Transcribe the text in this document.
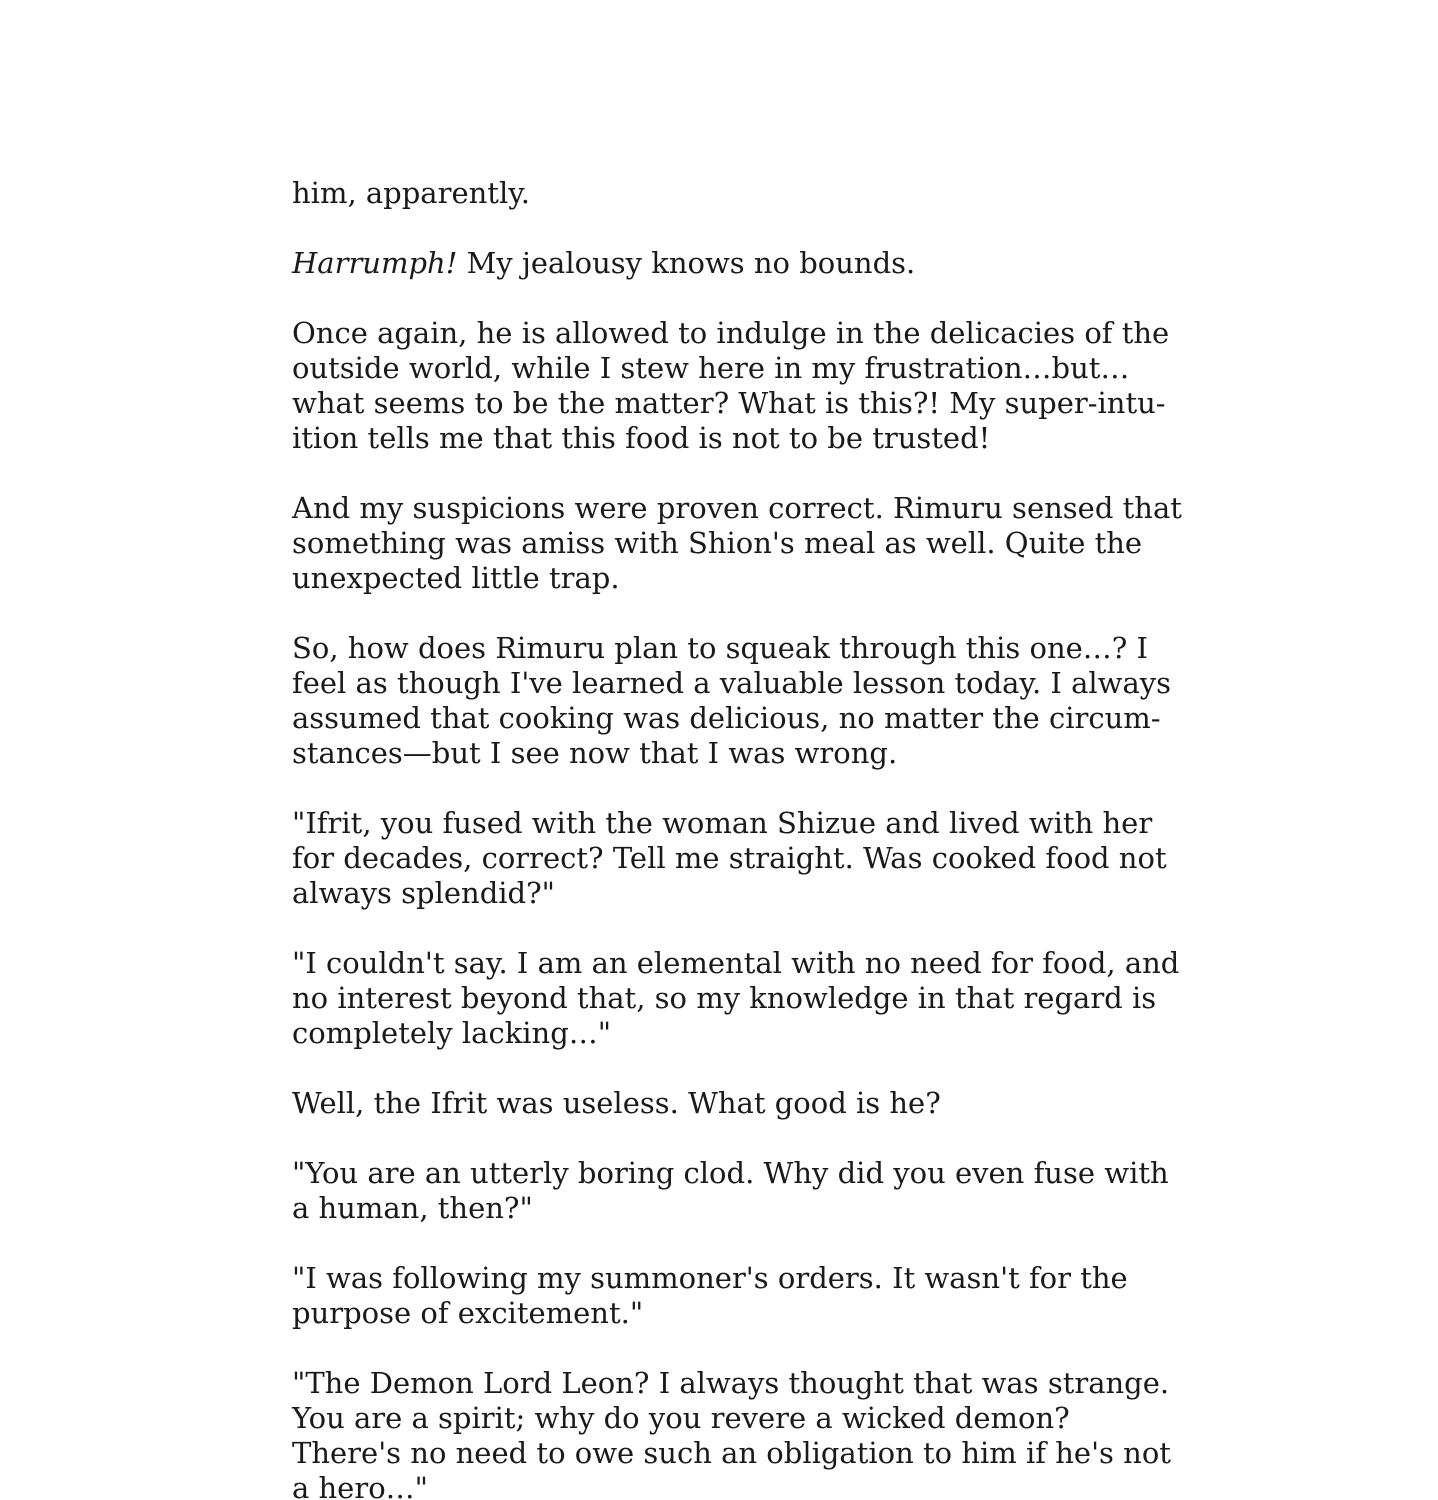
him, apparently.

Harrumph! My jealousy knows no bounds.

Once again, he is allowed to indulge in the delicacies of the
outside world, while I stew here in my frustration…but…
what seems to be the matter? What is this?! My super-intu-
ition tells me that this food is not to be trusted!

And my suspicions were proven correct. Rimuru sensed that
something was amiss with Shion's meal as well. Quite the
unexpected little trap.

So, how does Rimuru plan to squeak through this one…? I
feel as though I've learned a valuable lesson today. I always
assumed that cooking was delicious, no matter the circum-
stances—but I see now that I was wrong.

"Ifrit, you fused with the woman Shizue and lived with her
for decades, correct? Tell me straight. Was cooked food not
always splendid?"

"I couldn't say. I am an elemental with no need for food, and
no interest beyond that, so my knowledge in that regard is
completely lacking…"

Well, the Ifrit was useless. What good is he?

"You are an utterly boring clod. Why did you even fuse with
a human, then?"

"I was following my summoner's orders. It wasn't for the
purpose of excitement."

"The Demon Lord Leon? I always thought that was strange.
You are a spirit; why do you revere a wicked demon?
There's no need to owe such an obligation to him if he's not
a hero…"
